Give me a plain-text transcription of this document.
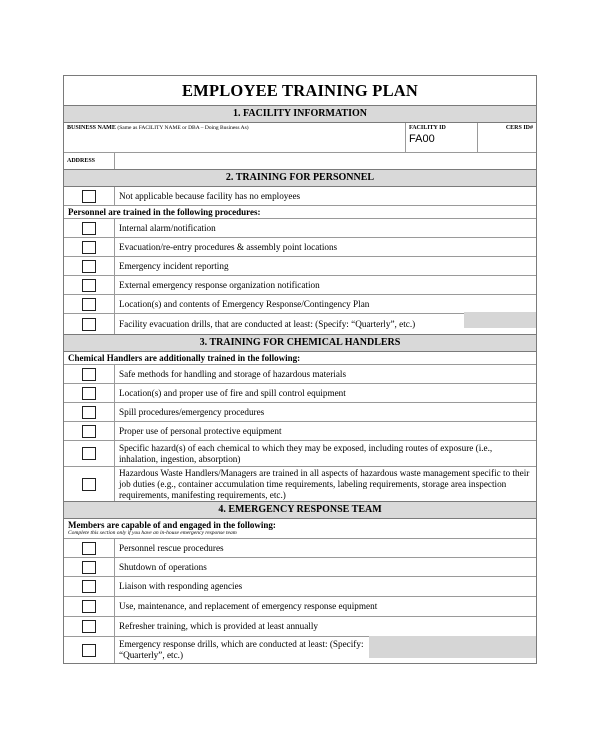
EMPLOYEE TRAINING PLAN
1. FACILITY INFORMATION
BUSINESS NAME (Same as FACILITY NAME or DBA – Doing Business As)	FACILITY ID
FA00
CERS ID#
ADDRESS
2. TRAINING FOR PERSONNEL
Not applicable because facility has no employees
Personnel are trained in the following procedures:
Internal alarm/notification
Evacuation/re-entry procedures & assembly point locations
Emergency incident reporting
External emergency response organization notification
Location(s) and contents of Emergency Response/Contingency Plan
Facility evacuation drills, that are conducted at least: (Specify: “Quarterly”, etc.)
3. TRAINING FOR CHEMICAL HANDLERS
Chemical Handlers are additionally trained in the following:
Safe methods for handling and storage of hazardous materials
Location(s) and proper use of fire and spill control equipment
Spill procedures/emergency procedures
Proper use of personal protective equipment
Specific hazard(s) of each chemical to which they may be exposed, including routes of exposure (i.e., inhalation, ingestion, absorption)
Hazardous Waste Handlers/Managers are trained in all aspects of hazardous waste management specific to their job duties (e.g., container accumulation time requirements, labeling requirements, storage area inspection requirements, manifesting requirements, etc.)
4. EMERGENCY RESPONSE TEAM
Members are capable of and engaged in the following:
Complete this section only if you have an in-house emergency response team
Personnel rescue procedures
Shutdown of operations
Liaison with responding agencies
Use, maintenance, and replacement of emergency response equipment
Refresher training, which is provided at least annually
Emergency response drills, which are conducted at least: (Specify: “Quarterly”, etc.)
